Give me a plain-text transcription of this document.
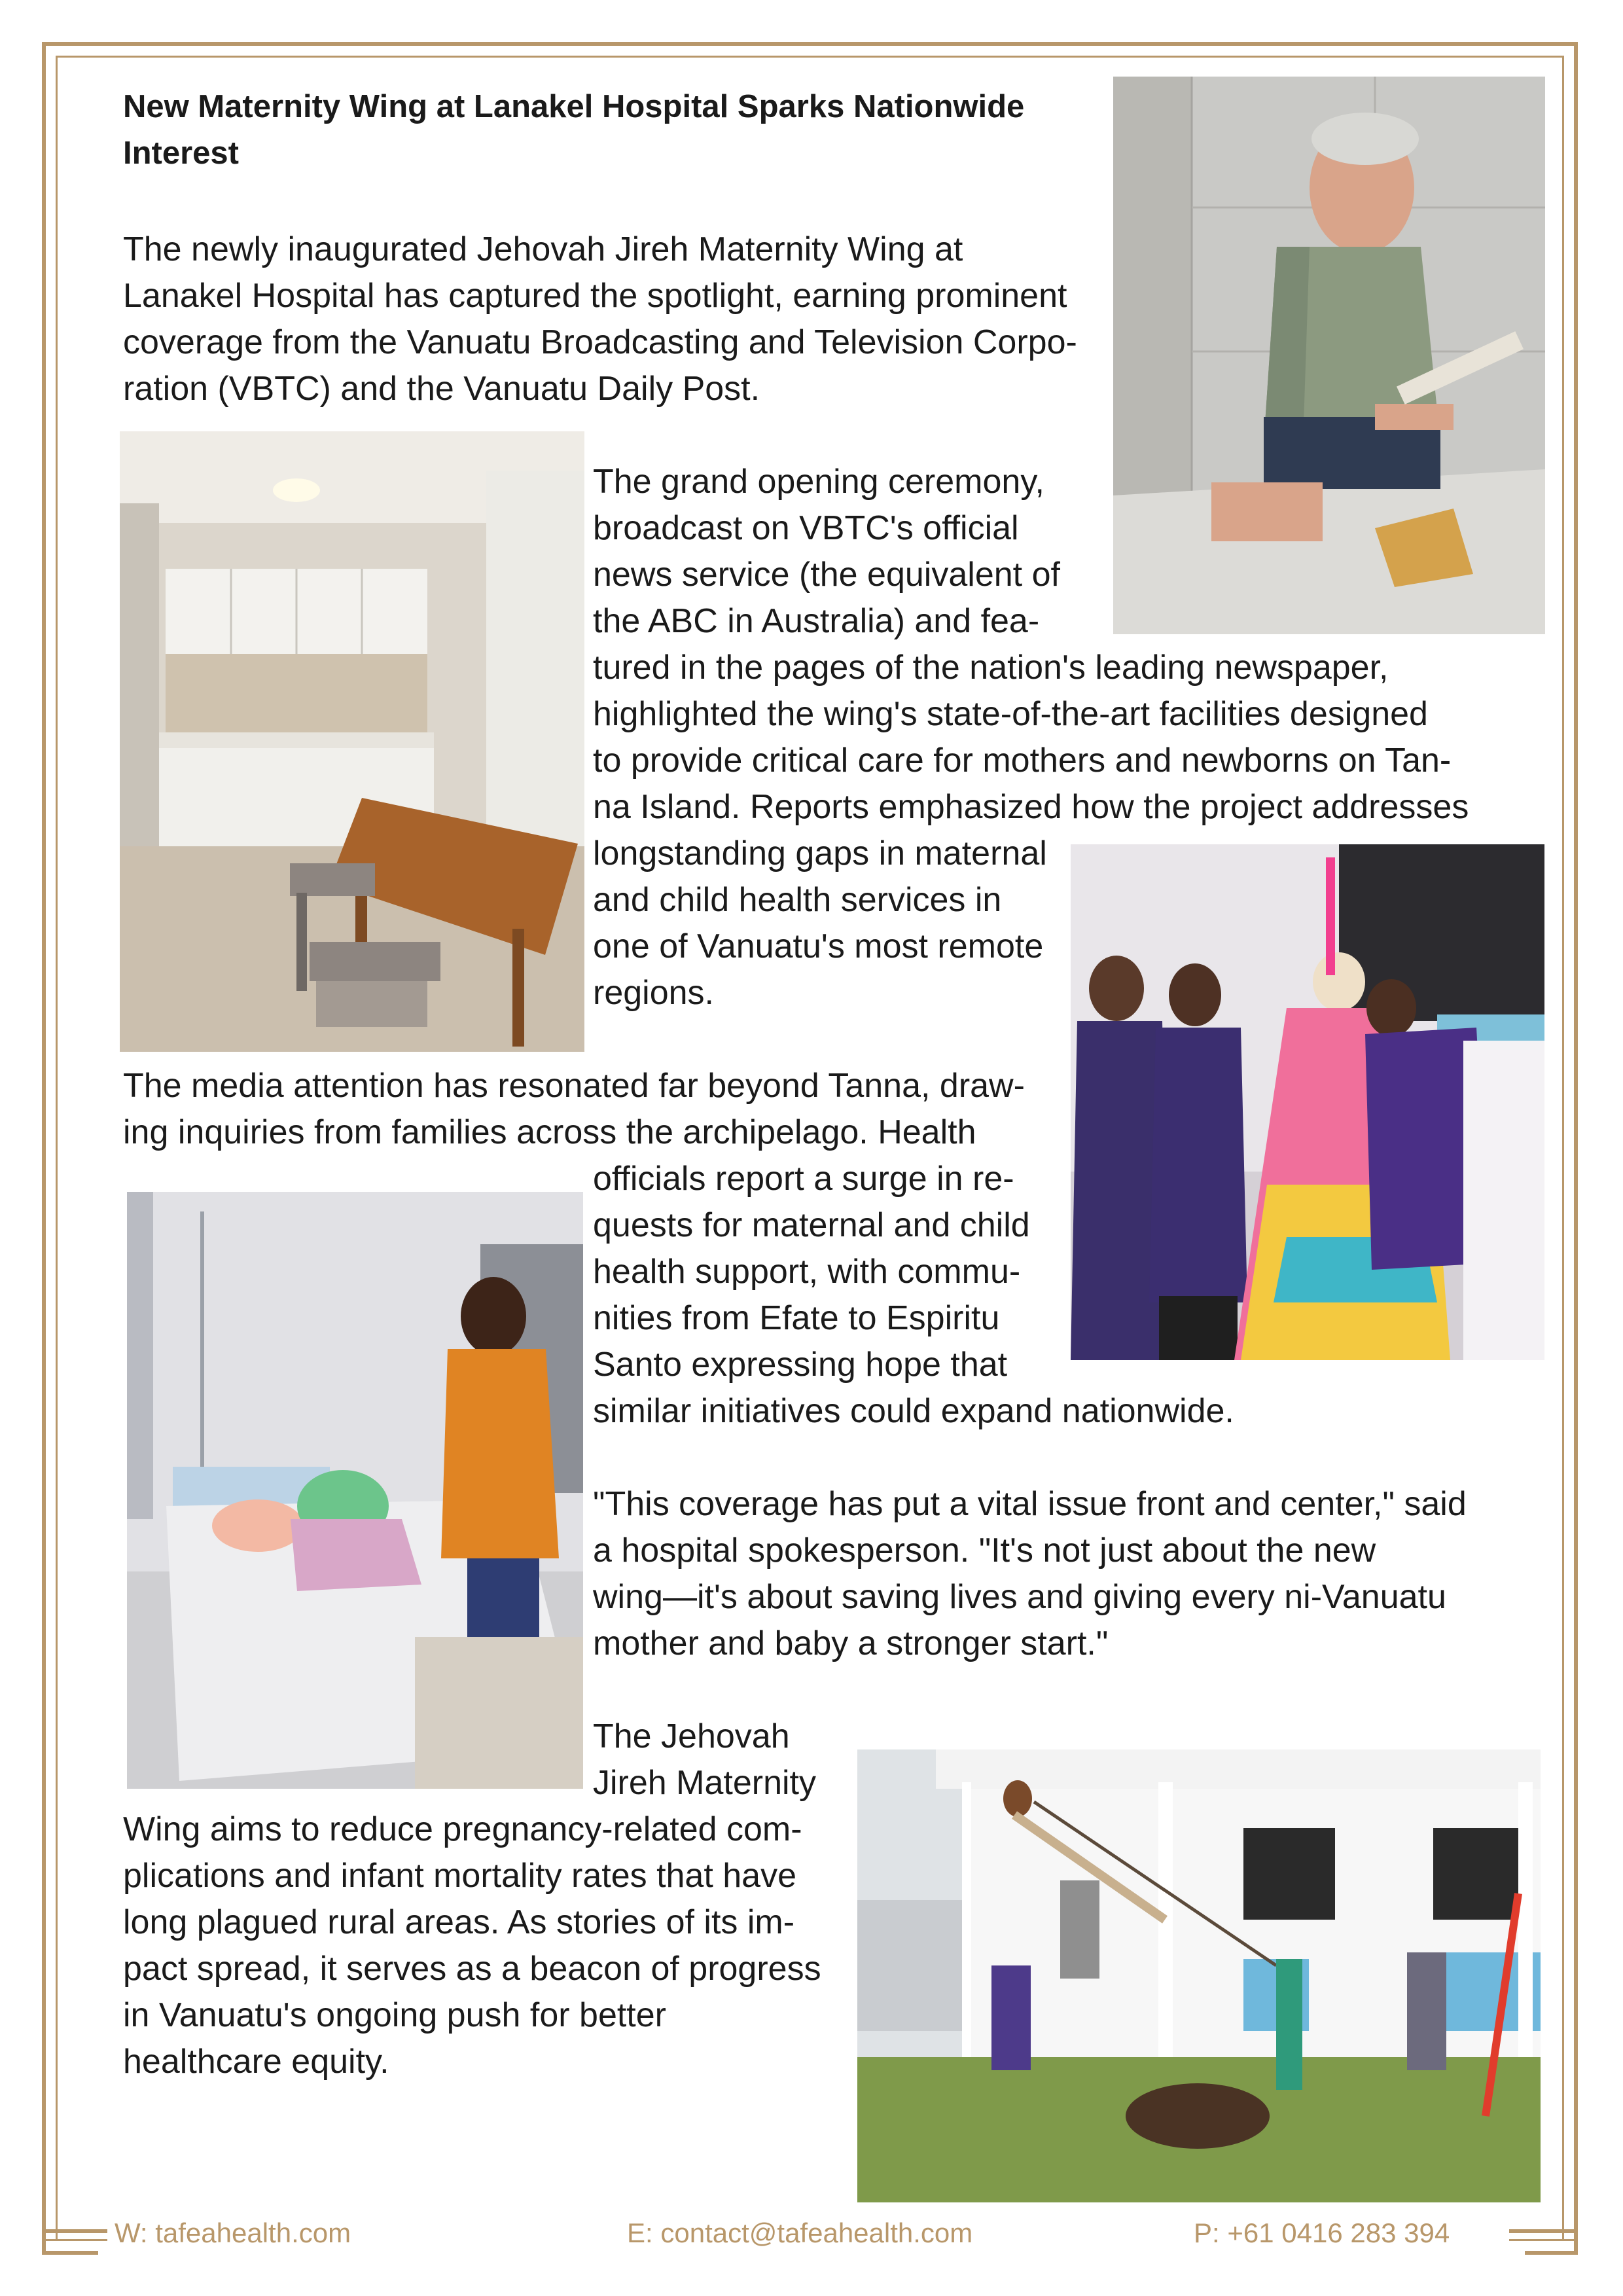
New Maternity Wing at Lanakel Hospital Sparks Nationwide Interest
The newly inaugurated Jehovah Jireh Maternity Wing at
Lanakel Hospital has captured the spotlight, earning prominent
coverage from the Vanuatu Broadcasting and Television Corpo-
ration (VBTC) and the Vanuatu Daily Post.
The grand opening ceremony,
broadcast on VBTC's official
news service (the equivalent of
the ABC in Australia) and fea-
tured in the pages of the nation's leading newspaper,
highlighted the wing's state-of-the-art facilities designed
to provide critical care for mothers and newborns on Tan-
na Island. Reports emphasized how the project addresses
longstanding gaps in maternal
and child health services in
one of Vanuatu's most remote
regions.
The media attention has resonated far beyond Tanna, draw-
ing inquiries from families across the archipelago. Health
officials report a surge in re-
quests for maternal and child
health support, with commu-
nities from Efate to Espiritu
Santo expressing hope that
similar initiatives could expand nationwide.
"This coverage has put a vital issue front and center," said
a hospital spokesperson. "It's not just about the new
wing—it's about saving lives and giving every ni-Vanuatu
mother and baby a stronger start."
The Jehovah
Jireh Maternity
Wing aims to reduce pregnancy-related com-
plications and infant mortality rates that have
long plagued rural areas. As stories of its im-
pact spread, it serves as a beacon of progress
in Vanuatu's ongoing push for better
healthcare equity.
W: tafeahealth.com	E: contact@tafeahealth.com	P: +61 0416 283 394
